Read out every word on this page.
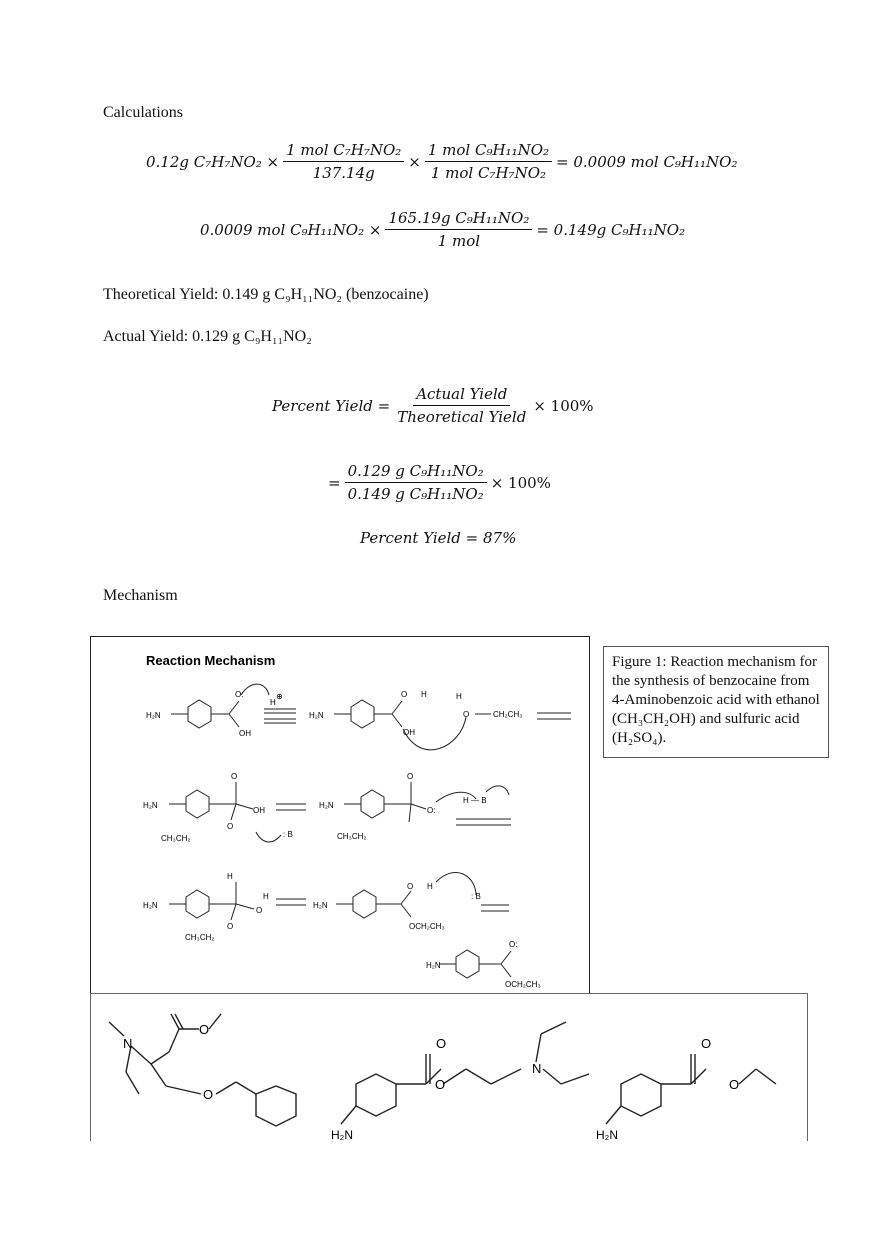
Calculations
0.12g $C_7H_7NO_2 \times \frac{\text{1 mol C₇H₇NO₂}}{137.14g} \times \frac{\text{1 mol C₉H₁₁NO₂}}{\text{1 mol C₇H₇NO₂}} = 0.0009$ mol C₉H₁₁NO₂
0.0009 mol $C_9H_{11}NO_2 \times \frac{\text{165.19g C₉H₁₁NO₂}}{\text{1 mol}} = 0.149g$ C₉H₁₁NO₂
Theoretical Yield: 0.149 g C₉H₁₁NO₂ (benzocaine)
Actual Yield: 0.129 g C₉H₁₁NO₂
Percent Yield = $\frac{\text{Actual Yield}}{\text{Theoretical Yield}} \times 100\%$
= $\frac{\text{0.129 g C₉H₁₁NO₂}}{\text{0.149 g C₉H₁₁NO₂}} \times 100\%$
Percent Yield = 87%
Mechanism
Reaction Mechanism
H₂N
O:
OH
H
⊕
H₂N
O H
OH
H
O	CH₂CH₃
H₂N
O
OH
O
CH₃CH₂	: B
H₂N
O
O:
CH₃CH₂
H — B
H₂N
H
O
H
O
CH₃CH₂
H₂N
O H
OCH₂CH₃
: B
H₂N
O:
OCH₂CH₃
Figure 1: Reaction mechanism for the synthesis of benzocaine from 4-Aminobenzoic acid with ethanol (CH₃CH₂OH) and sulfuric acid (H₂SO₄).
N
O
O
O
O
N
H₂N
O
O
H₂N
